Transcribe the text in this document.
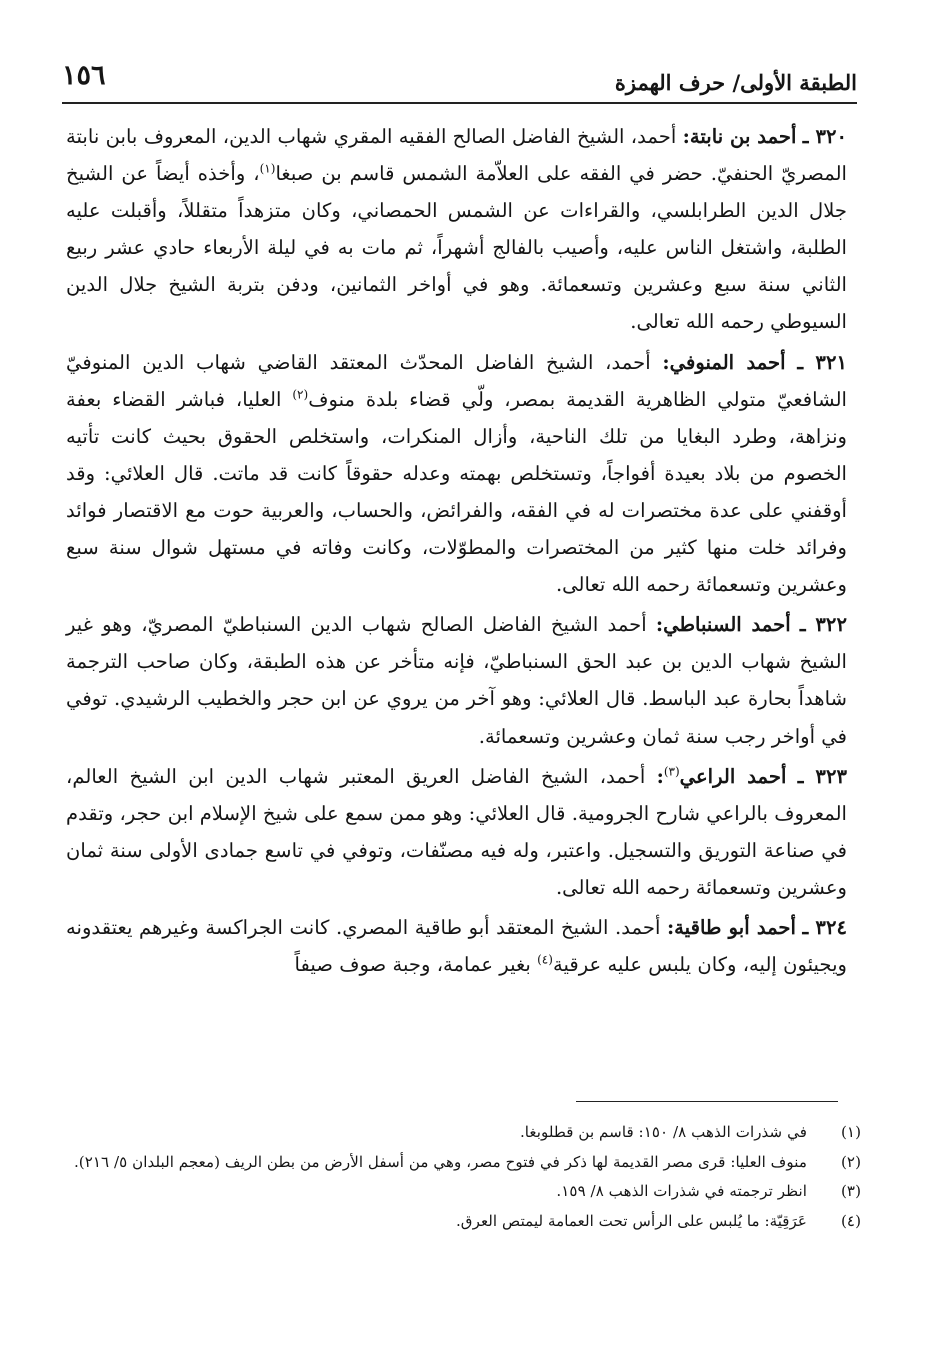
الطبقة الأولى/ حرف الهمزة
١٥٦

٣٢٠ ـ أحمد بن نابتة: أحمد، الشيخ الفاضل الصالح الفقيه المقري شهاب الدين، المعروف بابن نابتة المصريّ الحنفيّ. حضر في الفقه على العلاّمة الشمس قاسم بن صبغا$^{(١)}$، وأخذه أيضاً عن الشيخ جلال الدين الطرابلسي، والقراءات عن الشمس الحمصاني، وكان متزهداً متقللاً، وأقبلت عليه الطلبة، واشتغل الناس عليه، وأصيب بالفالج أشهراً، ثم مات به في ليلة الأربعاء حادي عشر ربيع الثاني سنة سبع وعشرين وتسعمائة. وهو في أواخر الثمانين، ودفن بتربة الشيخ جلال الدين السيوطي رحمه الله تعالى.

٣٢١ ـ أحمد المنوفي: أحمد، الشيخ الفاضل المحدّث المعتقد القاضي شهاب الدين المنوفيّ الشافعيّ متولي الظاهرية القديمة بمصر، ولّي قضاء بلدة منوف$^{(٢)}$ العليا، فباشر القضاء بعفة ونزاهة، وطرد البغايا من تلك الناحية، وأزال المنكرات، واستخلص الحقوق بحيث كانت تأتيه الخصوم من بلاد بعيدة أفواجاً، وتستخلص بهمته وعدله حقوقاً كانت قد ماتت. قال العلائي: وقد أوقفني على عدة مختصرات له في الفقه، والفرائض، والحساب، والعربية حوت مع الاقتصار فوائد وفرائد خلت منها كثير من المختصرات والمطوّلات، وكانت وفاته في مستهل شوال سنة سبع وعشرين وتسعمائة رحمه الله تعالى.

٣٢٢ ـ أحمد السنباطي: أحمد الشيخ الفاضل الصالح شهاب الدين السنباطيّ المصريّ، وهو غير الشيخ شهاب الدين بن عبد الحق السنباطيّ، فإنه متأخر عن هذه الطبقة، وكان صاحب الترجمة شاهداً بحارة عبد الباسط. قال العلائي: وهو آخر من يروي عن ابن حجر والخطيب الرشيدي. توفي في أواخر رجب سنة ثمان وعشرين وتسعمائة.

٣٢٣ ـ أحمد الراعي$^{(٣)}$: أحمد، الشيخ الفاضل العريق المعتبر شهاب الدين ابن الشيخ العالم، المعروف بالراعي شارح الجرومية. قال العلائي: وهو ممن سمع على شيخ الإسلام ابن حجر، وتقدم في صناعة التوريق والتسجيل. واعتبر، وله فيه مصنّفات، وتوفي في تاسع جمادى الأولى سنة ثمان وعشرين وتسعمائة رحمه الله تعالى.

٣٢٤ ـ أحمد أبو طاقية: أحمد. الشيخ المعتقد أبو طاقية المصري. كانت الجراكسة وغيرهم يعتقدونه ويجيئون إليه، وكان يلبس عليه عرقية$^{(٤)}$ بغير عمامة، وجبة صوف صيفاً

(١)
في شذرات الذهب ٨/ ١٥٠: قاسم بن قطلوبغا.
(٢)
منوف العليا: قرى مصر القديمة لها ذكر في فتوح مصر، وهي من أسفل الأرض من بطن الريف (معجم البلدان ٥/ ٢١٦).
(٣)
انظر ترجمته في شذرات الذهب ٨/ ١٥٩.
(٤)
عَرَقِيّة: ما يُلبس على الرأس تحت العمامة ليمتص العرق.
